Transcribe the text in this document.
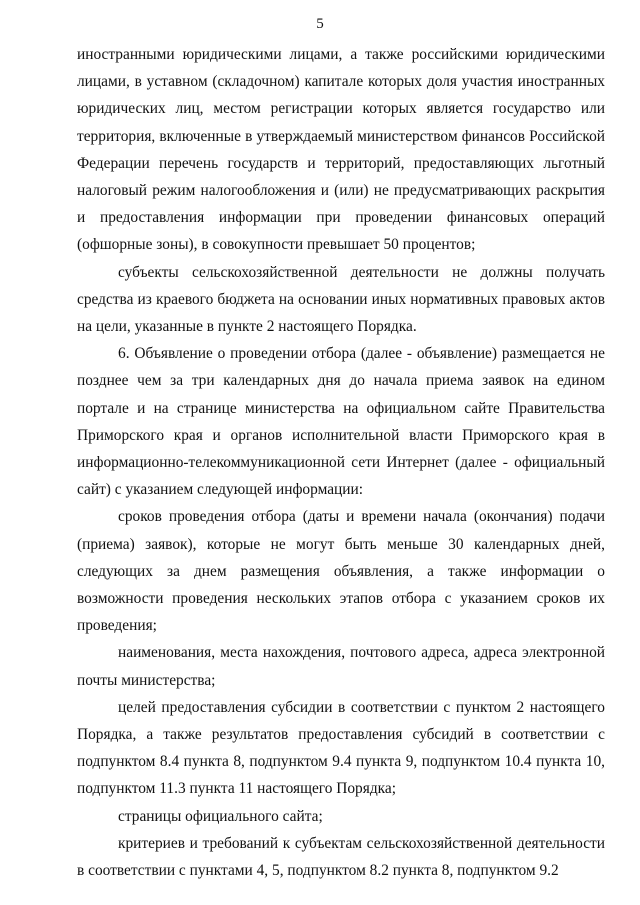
5

иностранными юридическими лицами, а также российскими юридическими лицами, в уставном (складочном) капитале которых доля участия иностранных юридических лиц, местом регистрации которых является государство или территория, включенные в утверждаемый министерством финансов Российской Федерации перечень государств и территорий, предоставляющих льготный налоговый режим налогообложения и (или) не предусматривающих раскрытия и предоставления информации при проведении финансовых операций (офшорные зоны), в совокупности превышает 50 процентов;

субъекты сельскохозяйственной деятельности не должны получать средства из краевого бюджета на основании иных нормативных правовых актов на цели, указанные в пункте 2 настоящего Порядка.

6. Объявление о проведении отбора (далее - объявление) размещается не позднее чем за три календарных дня до начала приема заявок на едином портале и на странице министерства на официальном сайте Правительства Приморского края и органов исполнительной власти Приморского края в информационно-телекоммуникационной сети Интернет (далее - официальный сайт) с указанием следующей информации:

сроков проведения отбора (даты и времени начала (окончания) подачи (приема) заявок), которые не могут быть меньше 30 календарных дней, следующих за днем размещения объявления, а также информации о возможности проведения нескольких этапов отбора с указанием сроков их проведения;

наименования, места нахождения, почтового адреса, адреса электронной почты министерства;

целей предоставления субсидии в соответствии с пунктом 2 настоящего Порядка, а также результатов предоставления субсидий в соответствии с подпунктом 8.4 пункта 8, подпунктом 9.4 пункта 9, подпунктом 10.4 пункта 10, подпунктом 11.3 пункта 11 настоящего Порядка;

страницы официального сайта;

критериев и требований к субъектам сельскохозяйственной деятельности в соответствии с пунктами 4, 5, подпунктом 8.2 пункта 8, подпунктом 9.2
